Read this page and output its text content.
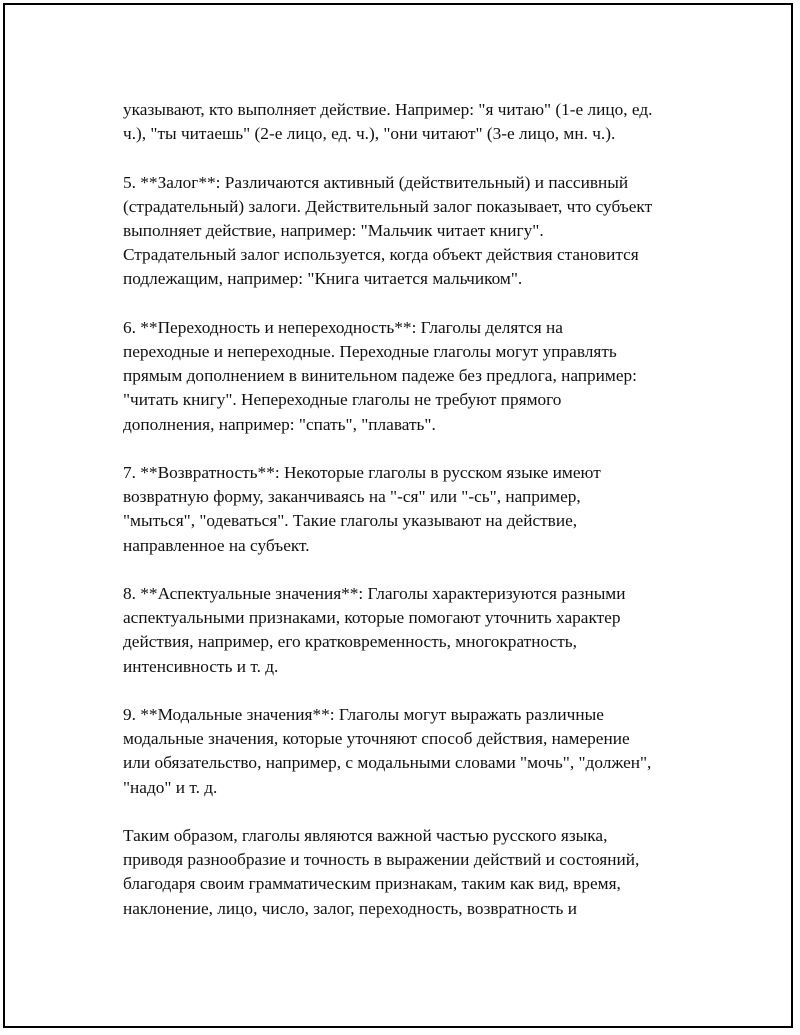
указывают, кто выполняет действие. Например: "я читаю" (1-е лицо, ед.
ч.), "ты читаешь" (2-е лицо, ед. ч.), "они читают" (3-е лицо, мн. ч.).

5. **Залог**: Различаются активный (действительный) и пассивный
(страдательный) залоги. Действительный залог показывает, что субъект
выполняет действие, например: "Мальчик читает книгу".
Страдательный залог используется, когда объект действия становится
подлежащим, например: "Книга читается мальчиком".

6. **Переходность и непереходность**: Глаголы делятся на
переходные и непереходные. Переходные глаголы могут управлять
прямым дополнением в винительном падеже без предлога, например:
"читать книгу". Непереходные глаголы не требуют прямого
дополнения, например: "спать", "плавать".

7. **Возвратность**: Некоторые глаголы в русском языке имеют
возвратную форму, заканчиваясь на "-ся" или "-сь", например,
"мыться", "одеваться". Такие глаголы указывают на действие,
направленное на субъект.

8. **Аспектуальные значения**: Глаголы характеризуются разными
аспектуальными признаками, которые помогают уточнить характер
действия, например, его кратковременность, многократность,
интенсивность и т. д.

9. **Модальные значения**: Глаголы могут выражать различные
модальные значения, которые уточняют способ действия, намерение
или обязательство, например, с модальными словами "мочь", "должен",
"надо" и т. д.

Таким образом, глаголы являются важной частью русского языка,
приводя разнообразие и точность в выражении действий и состояний,
благодаря своим грамматическим признакам, таким как вид, время,
наклонение, лицо, число, залог, переходность, возвратность и
